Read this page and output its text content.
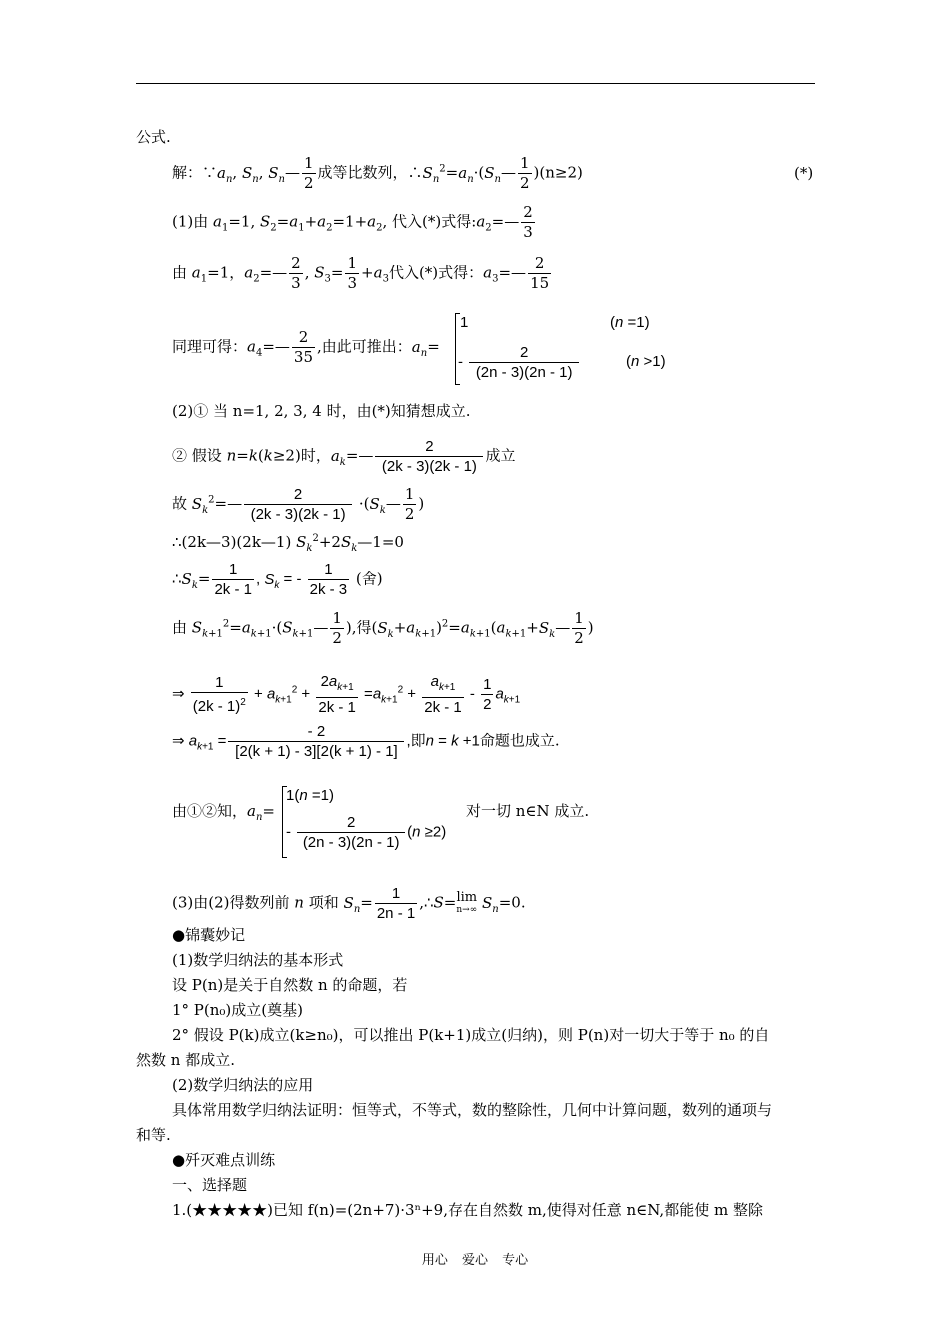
公式.
解：$\because a_n$, $S_n$, $S_n— \frac{1}{2}$ 成等比数列，$\therefore S_n^2=a_n\cdot(S_n— \frac{1}{2} )(n\ge 2)$	(*)
(1)由 $a_1=1$, $S_2=a_1+a_2=1+a_2$, 代入(*)式得$:a_2=— \frac{2}{3}$
由 $a_1=1$，$a_2=— \frac{2}{3}$ , $S_3= \frac{1}{3} +a_3$代入(*)式得：$a_3=— \frac{2}{15}$
同理可得：$a_4=— \frac{2}{35}$ ,由此可推出：$a_n=$
1	(n =1)
- $\frac{2}{(2n - 3)(2n - 1)}$	(n >1)
(2)① 当 n=1, 2, 3, 4 时，由(*)知猜想成立.
② 假设 n=k(k≥2)时，$a_k=— \frac{2}{(2k - 3)(2k - 1)}$ 成立
故 $S_k^2=— \frac{2}{(2k - 3)(2k - 1)}$ $\cdot(S_k— \frac{1}{2}$ )
∴(2k—3)(2k—1) $S_k^2+2S_k—1=0$
$\therefore S_k= \frac{1}{2k - 1}$ , $S_k$ = - $\frac{1}{2k - 3}$ (舍)
由 $S_{k+1}^2=a_{k+1}\cdot(S_{k+1}— \frac{1}{2}$ ),得$(S_k+a_{k+1})^2=a_{k+1}(a_{k+1}+S_k— \frac{1}{2}$ )
⇒ $\frac{1}{(2k - 1)^2} + a_{k+1}^2 + \frac{2a_{k+1}}{2k - 1} =a_{k+1}^2 + \frac{a_{k+1}}{2k - 1} - \frac{1}{2} a_{k+1}$
⇒ $a_{k+1} = \frac{- 2}{[2(k + 1) - 3][2(k + 1) - 1]}$ ,即n = k +1命题也成立.
由①②知，$a_n=$
1(n =1)
- $\frac{2}{(2n - 3)(2n - 1)} (n \ge 2)$
对一切 n∈N 成立.
(3)由(2)得数列前 n 项和 $S_n= \frac{1}{2n - 1}$ ,∴S= lim
n→∞ $S_n=0$.
●锦囊妙记
(1)数学归纳法的基本形式
设 P(n)是关于自然数 n 的命题，若
1° P(n₀)成立(奠基)
2° 假设 P(k)成立(k≥n₀)，可以推出 P(k+1)成立(归纳)，则 P(n)对一切大于等于 n₀ 的自
然数 n 都成立.
(2)数学归纳法的应用
具体常用数学归纳法证明：恒等式，不等式，数的整除性，几何中计算问题，数列的通项与
和等.
●歼灭难点训练
一、选择题
1.(★★★★★)已知 f(n)=(2n+7)·3ⁿ+9,存在自然数 m,使得对任意 n∈N,都能使 m 整除
用心 爱心 专心
